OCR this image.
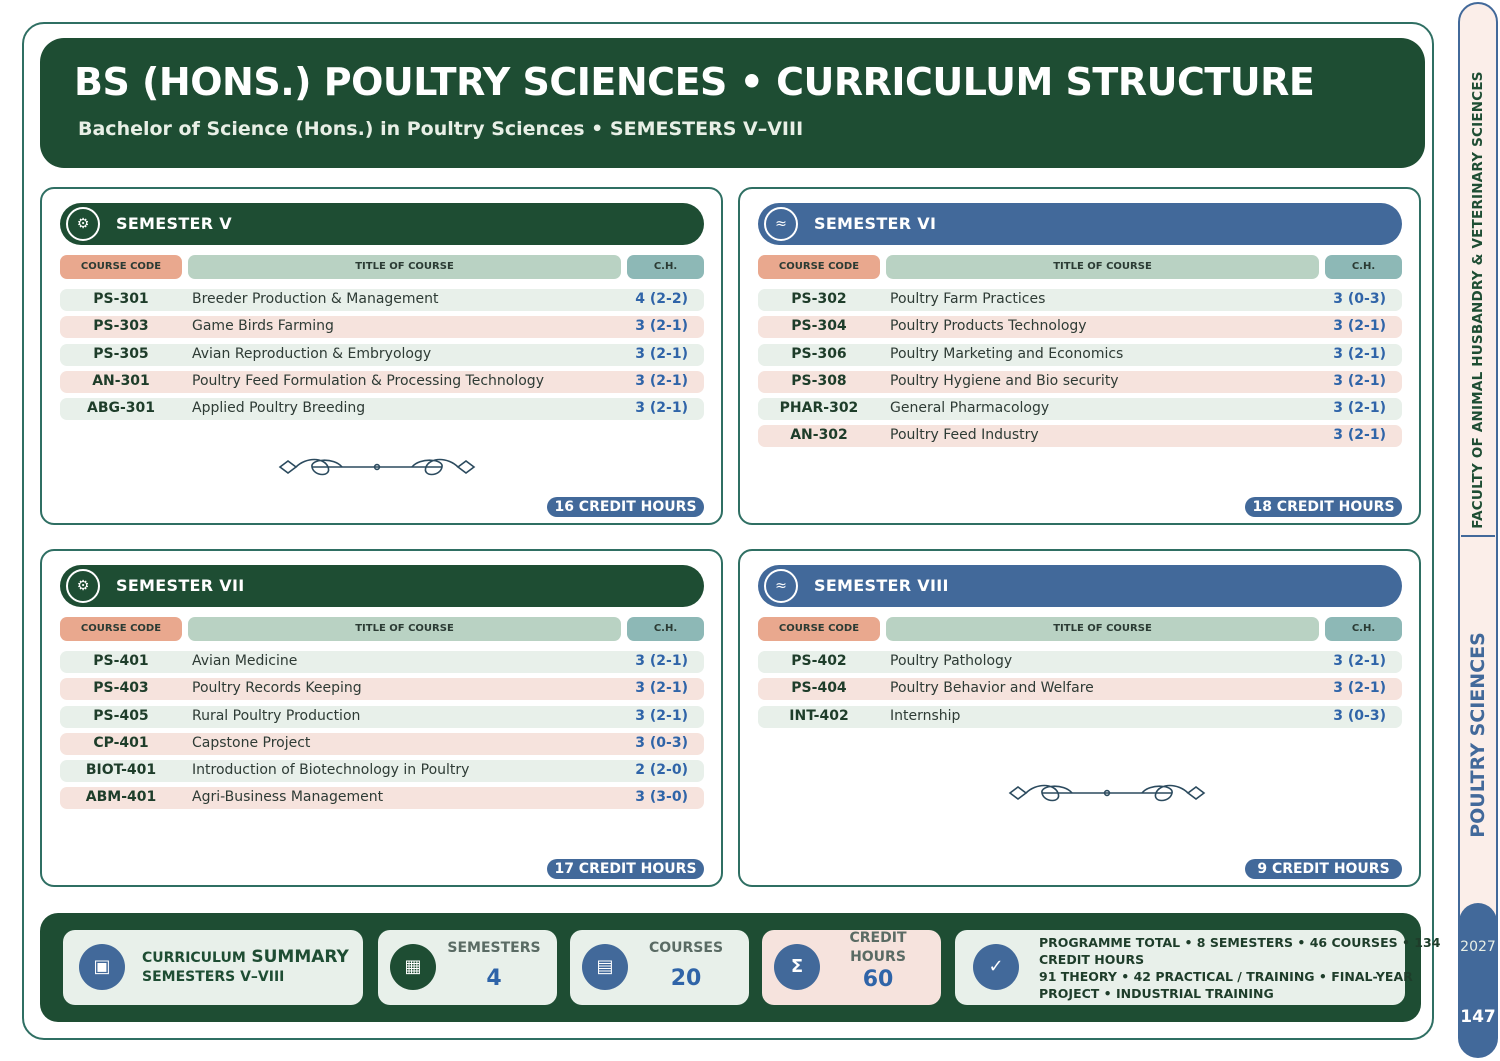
BS (HONS.) POULTRY SCIENCES • CURRICULUM STRUCTURE
Bachelor of Science (Hons.) in Poultry Sciences • SEMESTERS V–VIII
⚙	SEMESTER V
COURSE CODE	TITLE OF COURSE	C.H.
PS-301	Breeder Production & Management	4 (2-2)
PS-303	Game Birds Farming	3 (2-1)
PS-305	Avian Reproduction & Embryology	3 (2-1)
AN-301	Poultry Feed Formulation & Processing Technology	3 (2-1)
ABG-301	Applied Poultry Breeding	3 (2-1)
16 CREDIT HOURS
≈	SEMESTER VI
COURSE CODE	TITLE OF COURSE	C.H.
PS-302	Poultry Farm Practices	3 (0-3)
PS-304	Poultry Products Technology	3 (2-1)
PS-306	Poultry Marketing and Economics	3 (2-1)
PS-308	Poultry Hygiene and Bio security	3 (2-1)
PHAR-302	General Pharmacology	3 (2-1)
AN-302	Poultry Feed Industry	3 (2-1)
18 CREDIT HOURS
⚙	SEMESTER VII
COURSE CODE	TITLE OF COURSE	C.H.
PS-401	Avian Medicine	3 (2-1)
PS-403	Poultry Records Keeping	3 (2-1)
PS-405	Rural Poultry Production	3 (2-1)
CP-401	Capstone Project	3 (0-3)
BIOT-401	Introduction of Biotechnology in Poultry	2 (2-0)
ABM-401	Agri-Business Management	3 (3-0)
17 CREDIT HOURS
≈	SEMESTER VIII
COURSE CODE	TITLE OF COURSE	C.H.
PS-402	Poultry Pathology	3 (2-1)
PS-404	Poultry Behavior and Welfare	3 (2-1)
INT-402	Internship	3 (0-3)
9 CREDIT HOURS
▣	CURRICULUM SUMMARY
SEMESTERS V–VIII	▦
SEMESTERS
4	▤
COURSES
20	Σ
CREDIT
HOURS
60
✓
PROGRAMME TOTAL • 8 SEMESTERS • 46 COURSES • 134
CREDIT HOURS
91 THEORY • 42 PRACTICAL / TRAINING • FINAL-YEAR
PROJECT • INDUSTRIAL TRAINING
FACULTY OF ANIMAL HUSBANDRY & VETERINARY SCIENCES
POULTRY SCIENCES
2027
147
